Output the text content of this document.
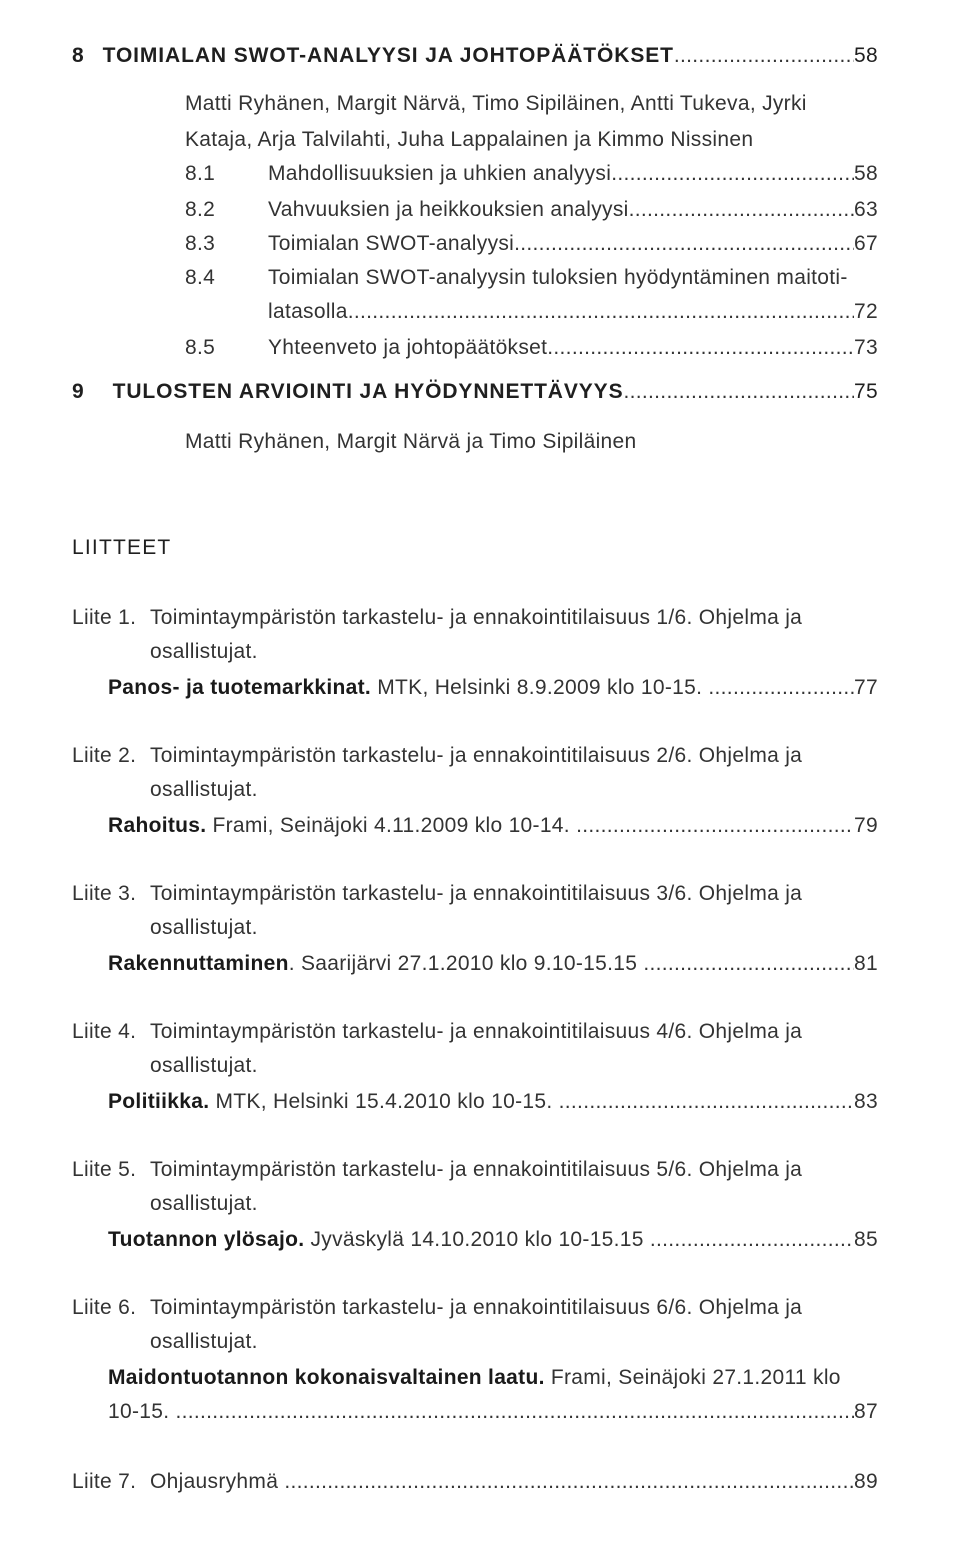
8 TOIMIALAN SWOT-ANALYYSI JA JOHTOPÄÄTÖKSET .....	58
Matti Ryhänen, Margit Närvä, Timo Sipiläinen, Antti Tukeva, Jyrki
Kataja, Arja Talvilahti, Juha Lappalainen ja Kimmo Nissinen
8.1	Mahdollisuuksien ja uhkien analyysi .....	58
8.2	Vahvuuksien ja heikkouksien analyysi .....	63
8.3	Toimialan SWOT-analyysi .....	67
8.4	Toimialan SWOT-analyysin tuloksien hyödyntäminen maitoti-
latasolla .....	72
8.5	Yhteenveto ja johtopäätökset .....	73
9 TULOSTEN ARVIOINTI JA HYÖDYNNETTÄVYYS .....	75
Matti Ryhänen, Margit Närvä ja Timo Sipiläinen
LIITTEET
Liite 1. Toimintaympäristön tarkastelu- ja ennakointitilaisuus 1/6. Ohjelma ja
osallistujat.
Panos- ja tuotemarkkinat. MTK, Helsinki 8.9.2009 klo 10-15. .....	77
Liite 2. Toimintaympäristön tarkastelu- ja ennakointitilaisuus 2/6. Ohjelma ja
osallistujat.
Rahoitus. Frami, Seinäjoki 4.11.2009 klo 10-14. .....	79
Liite 3. Toimintaympäristön tarkastelu- ja ennakointitilaisuus 3/6. Ohjelma ja
osallistujat.
Rakennuttaminen . Saarijärvi 27.1.2010 klo 9.10-15.15 .....	81
Liite 4. Toimintaympäristön tarkastelu- ja ennakointitilaisuus 4/6. Ohjelma ja
osallistujat.
Politiikka. MTK, Helsinki 15.4.2010 klo 10-15. .....	83
Liite 5. Toimintaympäristön tarkastelu- ja ennakointitilaisuus 5/6. Ohjelma ja
osallistujat.
Tuotannon ylösajo. Jyväskylä 14.10.2010 klo 10-15.15 .....	85
Liite 6. Toimintaympäristön tarkastelu- ja ennakointitilaisuus 6/6. Ohjelma ja
osallistujat.
Maidontuotannon kokonaisvaltainen laatu. Frami, Seinäjoki 27.1.2011 klo
10-15. .....	87
Liite 7. Ohjausryhmä .....	89
